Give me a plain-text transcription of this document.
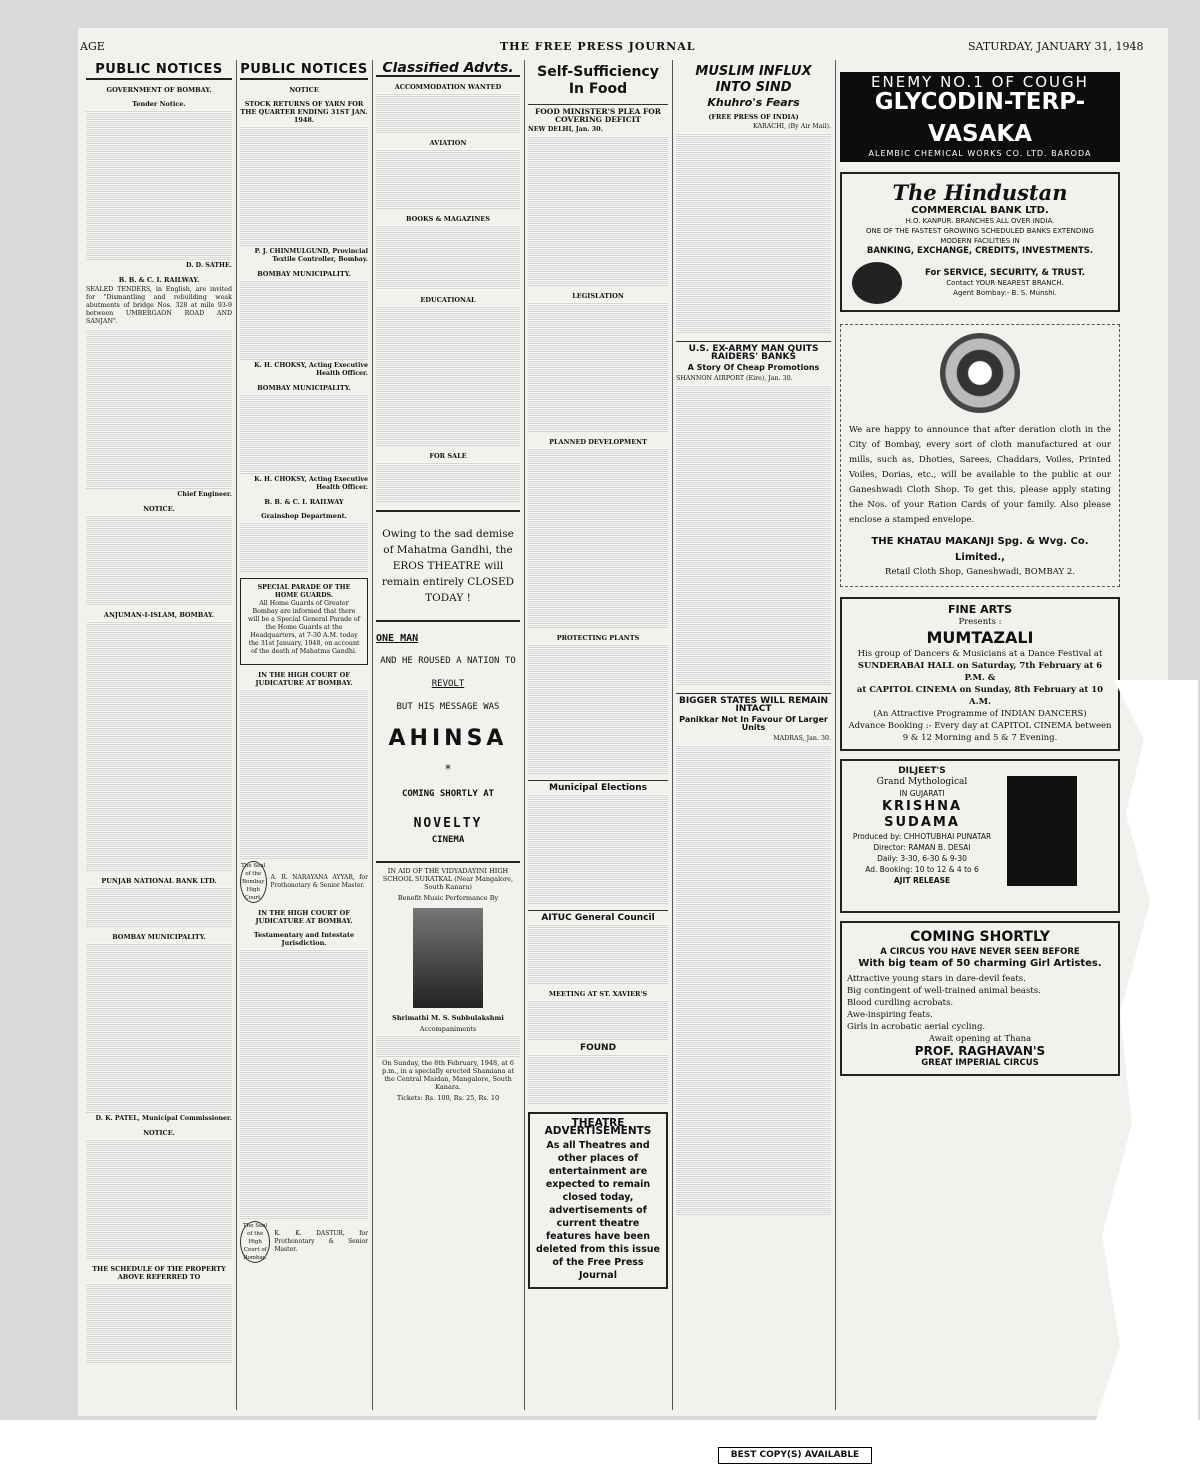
AGE	THE FREE PRESS JOURNAL	SATURDAY, JANUARY 31, 1948
PUBLIC NOTICES
GOVERNMENT OF BOMBAY.
Tender Notice.
D. D. SATHE.
B. B. & C. I. RAILWAY.

SEALED TENDERS, in English, are invited for "Dismantling and rebuilding weak abutments of bridge Nos. 328 at mile 93-9 between UMBERGAON ROAD AND SANJAN".

Chief Engineer.
NOTICE.
ANJUMAN-I-ISLAM, BOMBAY.
PUNJAB NATIONAL BANK LTD.
BOMBAY MUNICIPALITY.
D. K. PATEL, Municipal Commissioner.
NOTICE.
THE SCHEDULE OF THE PROPERTY ABOVE REFERRED TO
PUBLIC NOTICES
NOTICE
STOCK RETURNS OF YARN FOR THE QUARTER ENDING 31ST JAN. 1948.
P. J. CHINMULGUND, Provincial Textile Controller, Bombay.
BOMBAY MUNICIPALITY.
K. H. CHOKSY, Acting Executive Health Officer.
BOMBAY MUNICIPALITY.
K. H. CHOKSY, Acting Executive Health Officer.
B. B. & C. I. RAILWAY
Grainshop Department.
SPECIAL PARADE OF THE HOME GUARDS.

All Home Guards of Greater Bombay are informed that there will be a Special General Parade of the Home Guards at the Headquarters, at 7-30 A.M. today the 31st January, 1948, on account of the death of Mahatma Gandhi.

IN THE HIGH COURT OF JUDICATURE AT BOMBAY.
The Seal of the Bombay High Court.
A. R. NARAYANA AYYAR, for Prothonotary & Senior Master.
IN THE HIGH COURT OF JUDICATURE AT BOMBAY.
Testamentary and Intestate Jurisdiction.
The Seal of the High Court of Bombay.
K. K. DASTUR, for Prothonotary & Senior Master.
Classified Advts.
ACCOMMODATION WANTED
AVIATION
BOOKS & MAGAZINES
EDUCATIONAL
FOR SALE
Owing to the sad demise of Mahatma Gandhi, the EROS THEATRE will remain entirely CLOSED TODAY !
ONE MAN
AND HE ROUSED A NATION TO
REVOLT
BUT HIS MESSAGE WAS
AHINSA
*
COMING SHORTLY AT
NOVELTY
CINEMA
IN AID OF THE VIDYADAYINI HIGH SCHOOL SURATKAL (Near Mangalore, South Kanara)
Benefit Music Performance By
Shrimathi M. S. Subbulakshmi
Accompaniments
On Sunday, the 8th February, 1948, at 6 p.m., in a specially erected Shamiana at the Central Maidan, Mangalore, South Kanara.
Tickets: Rs. 100, Rs. 25, Rs. 10
Self-Sufficiency In Food
FOOD MINISTER'S PLEA FOR COVERING DEFICIT
NEW DELHI, Jan. 30.
LEGISLATION
PLANNED DEVELOPMENT
PROTECTING PLANTS
Municipal Elections
AITUC General Council
MEETING AT ST. XAVIER'S
FOUND
THEATRE ADVERTISEMENTS
As all Theatres and other places of entertainment are expected to remain closed today, advertisements of current theatre features have been deleted from this issue of the Free Press Journal
MUSLIM INFLUX INTO SIND
Khuhro's Fears
(FREE PRESS OF INDIA)
KARACHI, (By Air Mail).
U.S. EX-ARMY MAN QUITS RAIDERS' BANKS
A Story Of Cheap Promotions
SHANNON AIRPORT (Eire), Jan. 30.
BIGGER STATES WILL REMAIN INTACT
Panikkar Not In Favour Of Larger Units
MADRAS, Jan. 30.
ENEMY NO.1 OF COUGH
GLYCODIN-TERP-VASAKA
ALEMBIC CHEMICAL WORKS CO. LTD. BARODA
The Hindustan
COMMERCIAL BANK LTD.
H.O. KANPUR. BRANCHES ALL OVER INDIA.
ONE OF THE FASTEST GROWING SCHEDULED BANKS EXTENDING MODERN FACILITIES IN
BANKING, EXCHANGE, CREDITS, INVESTMENTS.
For SERVICE, SECURITY, & TRUST.
Contact YOUR NEAREST BRANCH.
Agent Bombay:- B. S. Munshi.
We are happy to announce that after deration cloth in the City of Bombay, every sort of cloth manufactured at our mills, such as, Dhoties, Sarees, Chaddars, Voiles, Printed Voiles, Dorias, etc., will be available to the public at our Ganeshwadi Cloth Shop. To get this, please apply stating the Nos. of your Ration Cards of your family. Also please enclose a stamped envelope.
THE KHATAU MAKANJI Spg. & Wvg. Co. Limited.,
Retail Cloth Shop, Ganeshwadi, BOMBAY 2.
FINE ARTS
Presents :
MUMTAZALI
His group of Dancers & Musicians at a Dance Festival at
SUNDERABAI HALL on Saturday, 7th February at 6 P.M. &
at CAPITOL CINEMA on Sunday, 8th February at 10 A.M.
(An Attractive Programme of INDIAN DANCERS)
Advance Booking :- Every day at CAPITOL CINEMA between 9 & 12 Morning and 5 & 7 Evening.
DILJEET'S
Grand Mythological
IN GUJARATI
KRISHNA
SUDAMA
Produced by: CHHOTUBHAI PUNATAR
Director: RAMAN B. DESAI
Daily: 3-30, 6-30 & 9-30
Ad. Booking: 10 to 12 & 4 to 6
AJIT RELEASE
COMING SHORTLY
A CIRCUS YOU HAVE NEVER SEEN BEFORE
With big team of 50 charming Girl Artistes.
Attractive young stars in dare-devil feats.
Big contingent of well-trained animal beasts.
Blood curdling acrobats.
Awe-inspiring feats.
Girls in acrobatic aerial cycling.
Await opening at Thana
PROF. RAGHAVAN'S
GREAT IMPERIAL CIRCUS
BEST COPY(S) AVAILABLE
